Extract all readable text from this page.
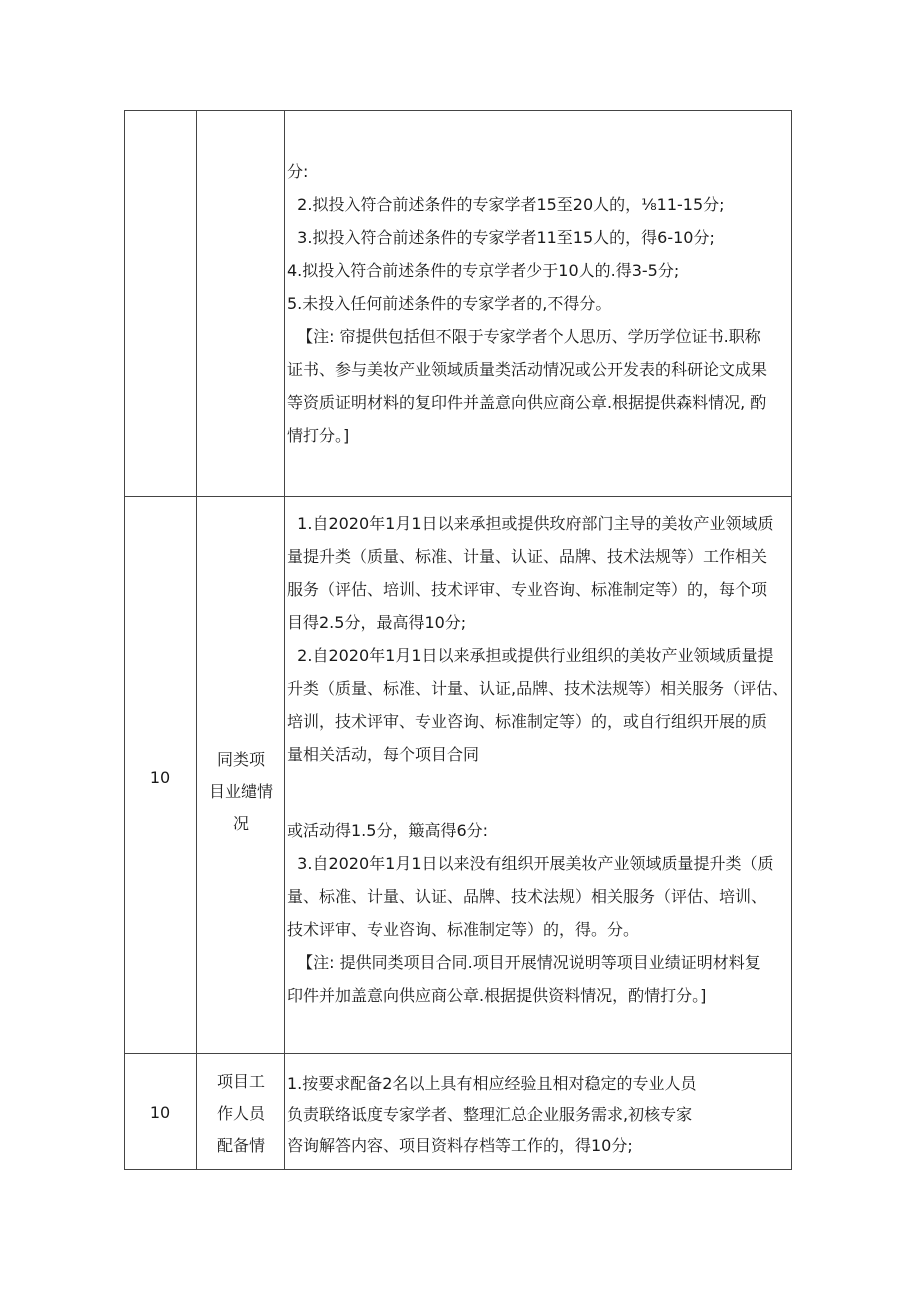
分:
2.拟投入符合前述条件的专家学者15至20人的，⅛11-15分;
3.拟投入符合前述条件的专家学者11至15人的，得6-10分;
4.拟投入符合前述条件的专京学者少于10人的.得3-5分;
5.未投入任何前述条件的专家学者的,不得分。
【注: 帘提供包括但不限于专家学者个人思历、学历学位证书.职称
证书、参与美妆产业领域质量类活动情况或公开发表的科研论文成果
等资质证明材料的复印件并盖意向供应商公章.根据提供森料情况, 酌
情打分。]
10
同类项
目业缱情
况
1.自2020年1月1日以来承担或提供玫府部门主导的美妆产业领域质
量提升类（质量、标准、计量、认证、品牌、技术法规等）工作相关
服务（评估、培训、技术评审、专业咨询、标准制定等）的，每个项
目得2.5分，最高得10分;
2.自2020年1月1日以来承担或提供行业组织的美妆产业领域质量提
升类（质量、标准、计量、认证,品牌、技术法规等）相关服务（评估、
培训，技术评审、专业咨询、标准制定等）的，或自行组织开展的质
量相关活动，每个项目合同
或活动得1.5分，簸高得6分:
3.自2020年1月1日以来没有组织开展美妆产业领域质量提升类（质
量、标准、计量、认证、品牌、技术法规）相关服务（评估、培训、
技术评审、专业咨询、标准制定等）的，得。分。
【注: 提供同类项目合同.项目开展情况说明等项目业绩证明材料复
印件并加盖意向供应商公章.根据提供资料情况，酌情打分。]
10
项目工
作人员
配备情
1.按要求配备2名以上具有相应经验且相对稳定的专业人员
负责联络诋度专家学者、整理汇总企业服务需求,初核专家
咨询解答内容、项目资料存档等工作的，得10分;
